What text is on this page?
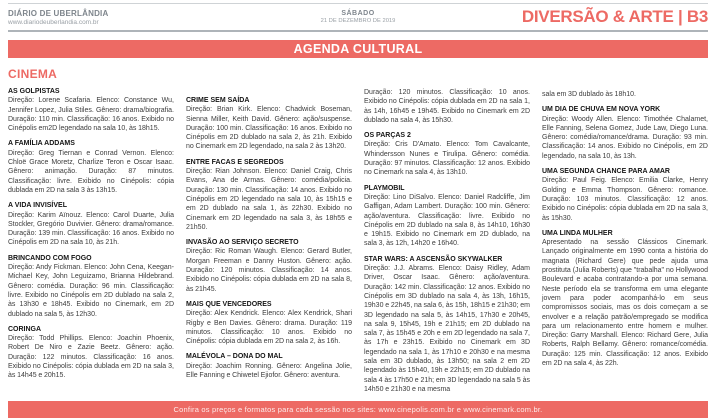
DIÁRIO DE UBERLÂNDIA
www.diariodeuberlandia.com.br
SÁBADO
21 DE DEZEMBRO DE 2019	DIVERSÃO & ARTE | B3
AGENDA CULTURAL
CINEMA
AS GOLPISTAS
Direção: Lorene Scafaria. Elenco: Constance Wu, Jennifer Lopez, Julia Stiles. Gênero: drama/biografia. Duração: 110 min. Classificação: 16 anos. Exibido no Cinépolis em2D legendado na sala 10, às 18h15.
A FAMÍLIA ADDAMS
Direção: Greg Tiernan e Conrad Vernon. Elenco: Chloë Grace Moretz, Charlize Teron e Oscar Isaac. Gênero: animação. Duração: 87 minutos. Classificação: livre. Exibido no Cinépolis: cópia dublada em 2D na sala 3 às 13h15.
A VIDA INVISÍVEL
Direção: Karim Aïnouz. Elenco: Carol Duarte, Julia Stockler, Gregório Duvivier. Gênero: drama/romance. Duração: 139 min. Classificação: 16 anos. Exibido no Cinépolis em 2D na sala 10, às 21h.
BRINCANDO COM FOGO
Direção: Andy Fickman. Elenco: John Cena, Keegan-Michael Key, John Leguizamo, Brianna Hildebrand. Gênero: comédia. Duração: 96 min. Classificação: livre. Exibido no Cinépolis em 2D dublado na sala 2, às 13h30 e 18h45. Exibido no Cinemark, em 2D dublado na sala 5, às 12h30.
CORINGA
Direção: Todd Phillips. Elenco: Joachin Phoenix, Robert De Niro e Zazie Beetz. Gênero: ação. Duração: 122 minutos. Classificação: 16 anos. Exibido no Cinépolis: cópia dublada em 2D na sala 3, às 14h45 e 20h15.
CRIME SEM SAÍDA
Direção: Brian Kirk. Elenco: Chadwick Boseman, Sienna Miller, Keith David. Gênero: ação/suspense. Duração: 100 min. Classificação: 16 anos. Exibido no Cinépolis em 2D dublado na sala 2, às 21h. Exibido no Cinemark em 2D legendado, na sala 2 às 13h20.
ENTRE FACAS E SEGREDOS
Direção: Rian Johnson. Elenco: Daniel Craig, Chris Evans, Ana de Armas. Gênero: comédia/policia. Duração: 130 min. Classificação: 14 anos. Exibido no Cinépolis em 2D legendado na sala 10, às 15h15 e em 2D dublado na sala 1, às 22h30. Exibido no Cinemark em 2D legendado na sala 3, às 18h55 e 21h50.
INVASÃO AO SERVIÇO SECRETO
Direção: Ric Roman Waugh. Elenco: Gerard Butler, Morgan Freeman e Danny Huston. Gênero: ação. Duração: 120 minutos. Classificação: 14 anos. Exibido no Cinépolis: cópia dublada em 2D na sala 8, às 21h45.
MAIS QUE VENCEDORES
Direção: Alex Kendrick. Elenco: Alex Kendrick, Shari Rigby e Ben Davies. Gênero: drama. Duração: 119 minutos. Classificação: 10 anos. Exibido no Cinépolis: cópia dublada em 2D na sala 2, às 16h.
MALÉVOLA – DONA DO MAL
Direção: Joachim Ronning. Gênero: Angelina Jolie, Elle Fanning e Chiwetel Ejiofor. Gênero: aventura.
Duração: 120 minutos. Classificação: 10 anos. Exibido no Cinépolis: cópia dublada em 2D na sala 1, às 14h, 16h45 e 19h45. Exibido no Cinemark em 2D dublado na sala 4, às 15h30.
OS PARÇAS 2
Direção: Cris D'Amato. Elenco: Tom Cavalcante, Whindersson Nunes e Tirulipa. Gênero: comédia. Duração: 97 minutos. Classificação: 12 anos. Exibido no Cinemark na sala 4, às 13h10.
PLAYMOBIL
Direção: Lino DiSalvo. Elenco: Daniel Radcliffe, Jim Gaffigan, Adam Lambert. Duração: 100 min. Gênero: ação/aventura. Classificação: livre. Exibido no Cinépolis em 2D dublado na sala 8, às 14h10, 16h30 e 19h15. Exibido no Cinemark em 2D dublado, na sala 3, às 12h, 14h20 e 16h40.
STAR WARS: A ASCENSÃO SKYWALKER
Direção: J.J. Abrams. Elenco: Daisy Ridley, Adam Driver, Oscar Isaac. Gênero: ação/aventura. Duração: 142 min. Classificação: 12 anos. Exibido no Cinépolis em 3D dublado na sala 4, às 13h, 16h15, 19h30 e 22h45, na sala 6, às 15h, 18h15 e 21h30; em 3D legendado na sala 5, às 14h15, 17h30 e 20h45, na sala 9, 15h45, 19h e 21h15; em 2D dublado na sala 7, às 15h45 e 20h e em 2D legendado na sala 7, às 17h e 23h15. Exibido no Cinemark em 3D legendado na sala 1, às 17h10 e 20h30 e na mesma sala em 3D dublado, às 13h50; na sala 2 em 2D legendado às 15h40, 19h e 22h15; em 2D dublado na sala 4 às 17h50 e 21h; em 3D legendado na sala 5 às 14h50 e 21h30 e na mesma
sala em 3D dublado às 18h10.
UM DIA DE CHUVA EM NOVA YORK
Direção: Woody Allen. Elenco: Timothée Chalamet, Elle Fanning, Selena Gomez, Jude Law, Diego Luna. Gênero: comédia/romance/drama. Duração: 93 min. Classificação: 14 anos. Exibido no Cinépolis, em 2D legendado, na sala 10, às 13h.
UMA SEGUNDA CHANCE PARA AMAR
Direção: Paul Feig. Elenco: Emilia Clarke, Henry Golding e Emma Thompson. Gênero: romance. Duração: 103 minutos. Classificação: 12 anos. Exibido no Cinépolis: cópia dublada em 2D na sala 3, às 15h30.
UMA LINDA MULHER
Apresentado na sessão Clássicos Cinemark. Lançado originalmente em 1990 conta a história do magnata (Richard Gere) que pede ajuda uma prostituta (Julia Roberts) que "trabalha" no Hollywood Boulevard e acaba contratando-a por uma semana. Neste período ela se transforma em uma elegante jovem para poder acompanhá-lo em seus compromissos sociais, mas os dois começam a se envolver e a relação patrão/empregado se modifica para um relacionamento entre homem e mulher. Direção: Garry Marshall. Elenco: Richard Gere, Julia Roberts, Ralph Bellamy. Gênero: romance/comédia. Duração: 125 min. Classificação: 12 anos. Exibido em 2D na sala 4, às 22h.
Confira os preços e formatos para cada sessão nos sites: www.cinepolis.com.br e www.cinemark.com.br.
